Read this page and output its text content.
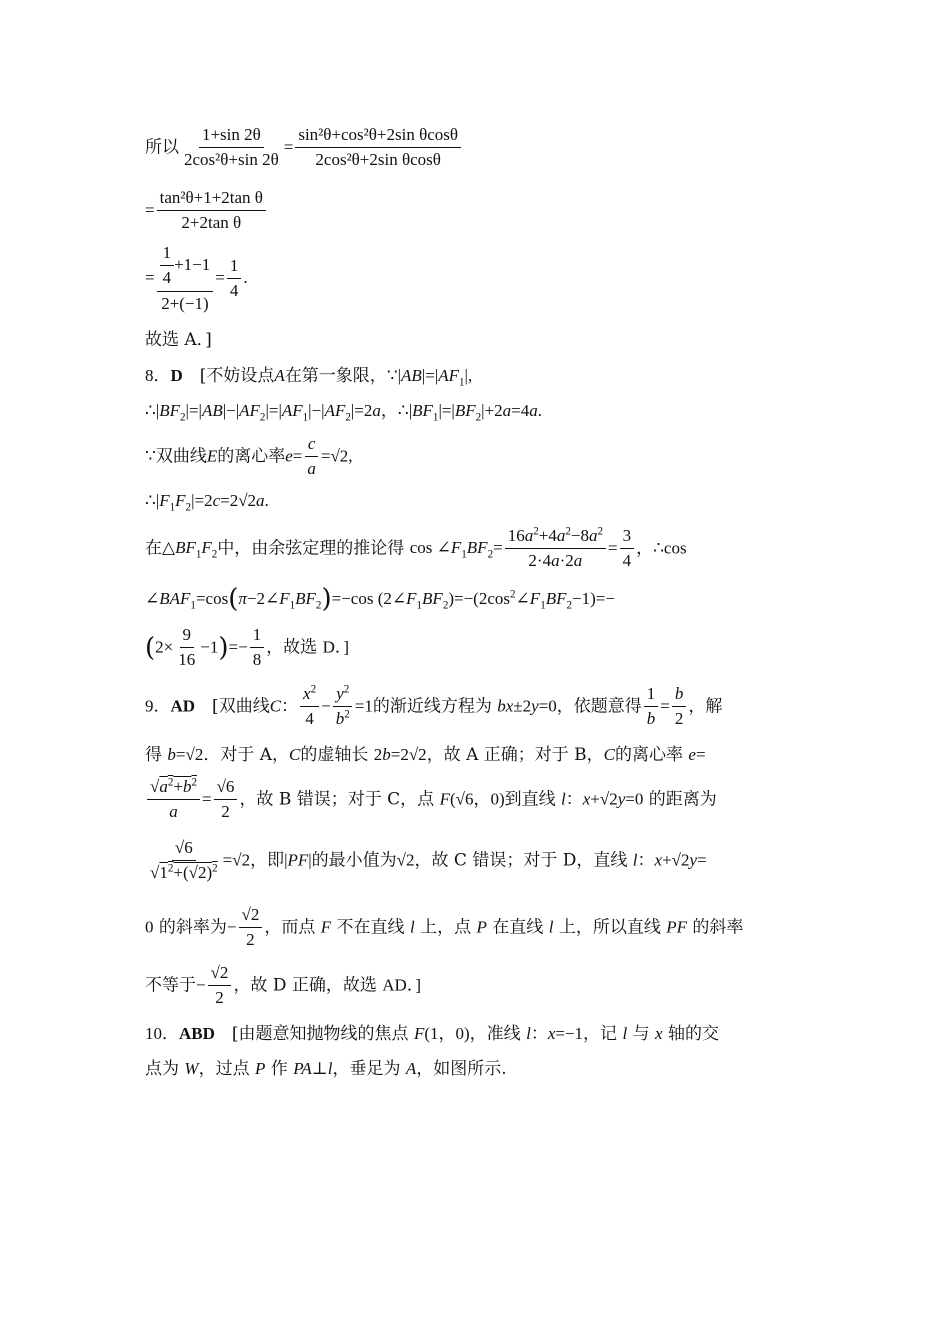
所以 $\frac{1+\sin 2\theta}{\text{2cos²θ+sin 2θ}} = \frac{\text{sin²θ+cos²θ+2sin θcosθ}}{\text{2cos²θ+2sin θcosθ}}$
= $\frac{\text{tan²θ+1+2tan θ}}{\text{2+2tan θ}}$
= $\frac{\frac{1}{4} +1-1}{2+(-1)} = \frac{1}{4}$ .
故选 A．]
8．D　[不妨设点A在第一象限，$\because|AB|=|AF_1|$,
$\therefore|BF_2|=|AB|-|AF_2|=|AF_1|-|AF_2|=2a$，$\therefore|BF_1|=|BF_2|+2a=4a$.
∵双曲线E的离心率$e= \frac{c}{a} =√2$,
$\therefore|F_1F_2|=2c=2√2a$.
在$\triangle BF_1F_2$中，由余弦定理的推论得 $\cos \angle F_1BF_2= \frac{16a^2+4a^2-8a^2}{2\cdot 4a\cdot 2a} = \frac{3}{4}$ ，∴cos
$\angle BAF_1=\cos(\pi-2\angle F_1BF_2)=-\cos$ $(2\angle F_1BF_2)=-(2\cos^2\angle F_1BF_2-1)=-$
$(2\times \frac{9}{16} -1)=- \frac{1}{8}$ ，故选 D．]
9．AD　[双曲线C： $\frac{x^2}{4} - \frac{y^2}{b^2} =1$的渐近线方程为 bx±2y=0，依题意得 $\frac{1}{b} = \frac{b}{2}$ ，解
得 b=√2．对于 A，C的虚轴长 2b=2√2，故 A 正确；对于 B，C的离心率 e=
$\frac{√a^2+b^2}{a} = \frac{√6}{2}$ ，故 B 错误；对于 C，点 F(√6，0)到直线 l：x+√2y=0 的距离为
$\frac{√6}{√1^2+(√2)^2} =√2$，即|PF|的最小值为√2，故 C 错误；对于 D，直线 l：x+√2y=
0 的斜率为− $\frac{√2}{2}$ ，而点 F 不在直线 l 上，点 P 在直线 l 上，所以直线 PF 的斜率
不等于− $\frac{√2}{2}$ ，故 D 正确，故选 AD．]
10．ABD　[由题意知抛物线的焦点 F(1，0)，准线 l：x=−1，记 l 与 x 轴的交
点为 W，过点 P 作 PA⊥l，垂足为 A，如图所示.
